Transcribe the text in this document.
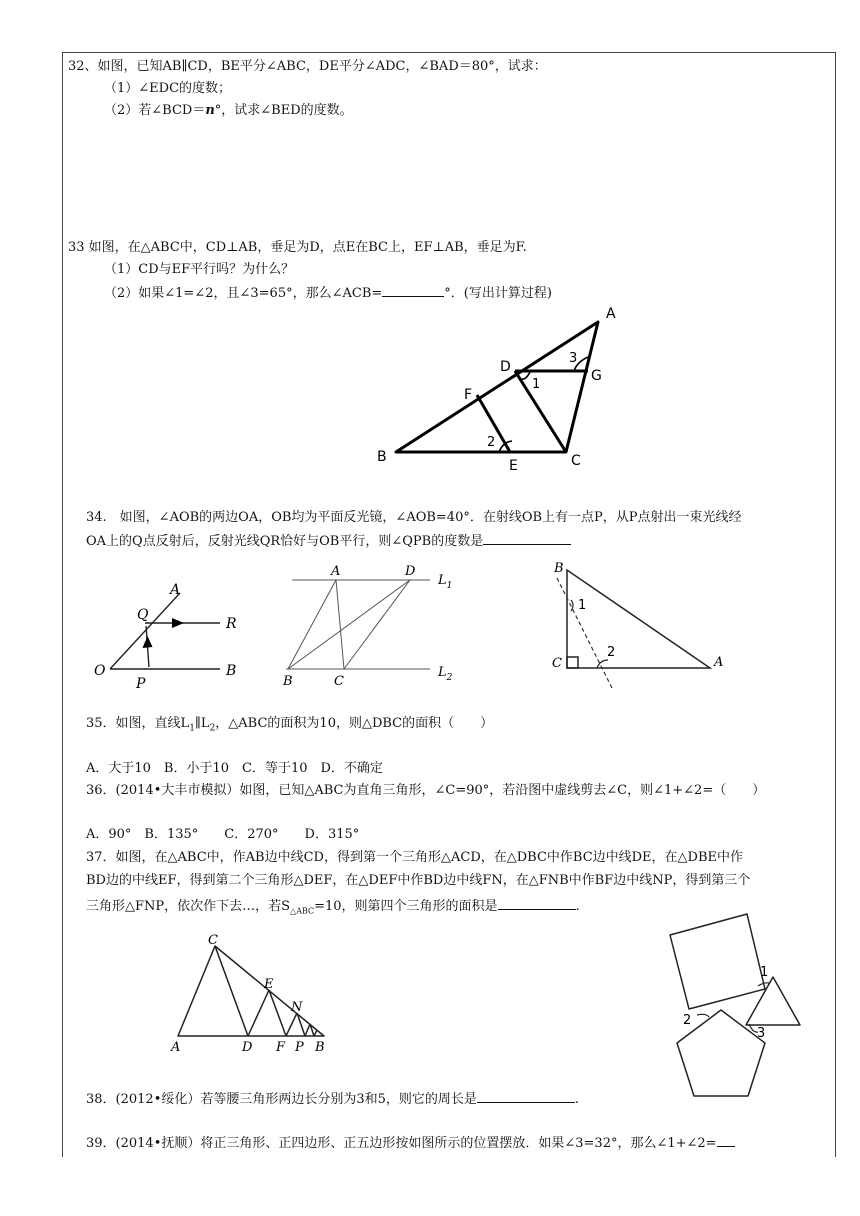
32、如图，已知AB∥CD，BE平分∠ABC，DE平分∠ADC，∠BAD＝80°，试求：
（1）∠EDC的度数；
（2）若∠BCD＝n°，试求∠BED的度数。
33 如图，在△ABC中，CD⊥AB，垂足为D，点E在BC上，EF⊥AB，垂足为F.
（1）CD与EF平行吗？为什么？
（2）如果∠1=∠2，且∠3=65°，那么∠ACB=	°．(写出计算过程)
A
B	C
D
E
F
G
1
2
3
34.　如图，∠AOB的两边OA，OB均为平面反光镜，∠AOB=40°．在射线OB上有一点P，从P点射出一束光线经
OA上的Q点反射后，反射光线QR恰好与OB平行，则∠QPB的度数是
A
Q
R
O
P
B
A	D
$L_1$
B	C
$L_2$
B
C	A
1
2
35．如图，直线$L_1\parallel L_2$，△ABC的面积为10，则△DBC的面积（　　）
A．大于10　B．小于10　C．等于10　D．不确定
36．(2014•大丰市模拟）如图，已知△ABC为直角三角形，∠C=90°，若沿图中虚线剪去∠C，则∠1+∠2=（　　）
A．90°　B．135°　　C．270°　　D．315°
37．如图，在△ABC中，作AB边中线CD，得到第一个三角形△ACD，在△DBC中作BC边中线DE，在△DBE中作
BD边的中线EF，得到第二个三角形△DEF，在△DEF中作BD边中线FN，在△FNB中作BF边中线NP，得到第三个
三角形△FNP，依次作下去…，若$S_{\triangle ABC}=10$，则第四个三角形的面积是	.
C
E
N
A	D F P B
1
2
3
38．(2012•绥化）若等腰三角形两边长分别为3和5，则它的周长是	.
39．(2014•抚顺）将正三角形、正四边形、正五边形按如图所示的位置摆放．如果∠3=32°，那么∠1+∠2=
